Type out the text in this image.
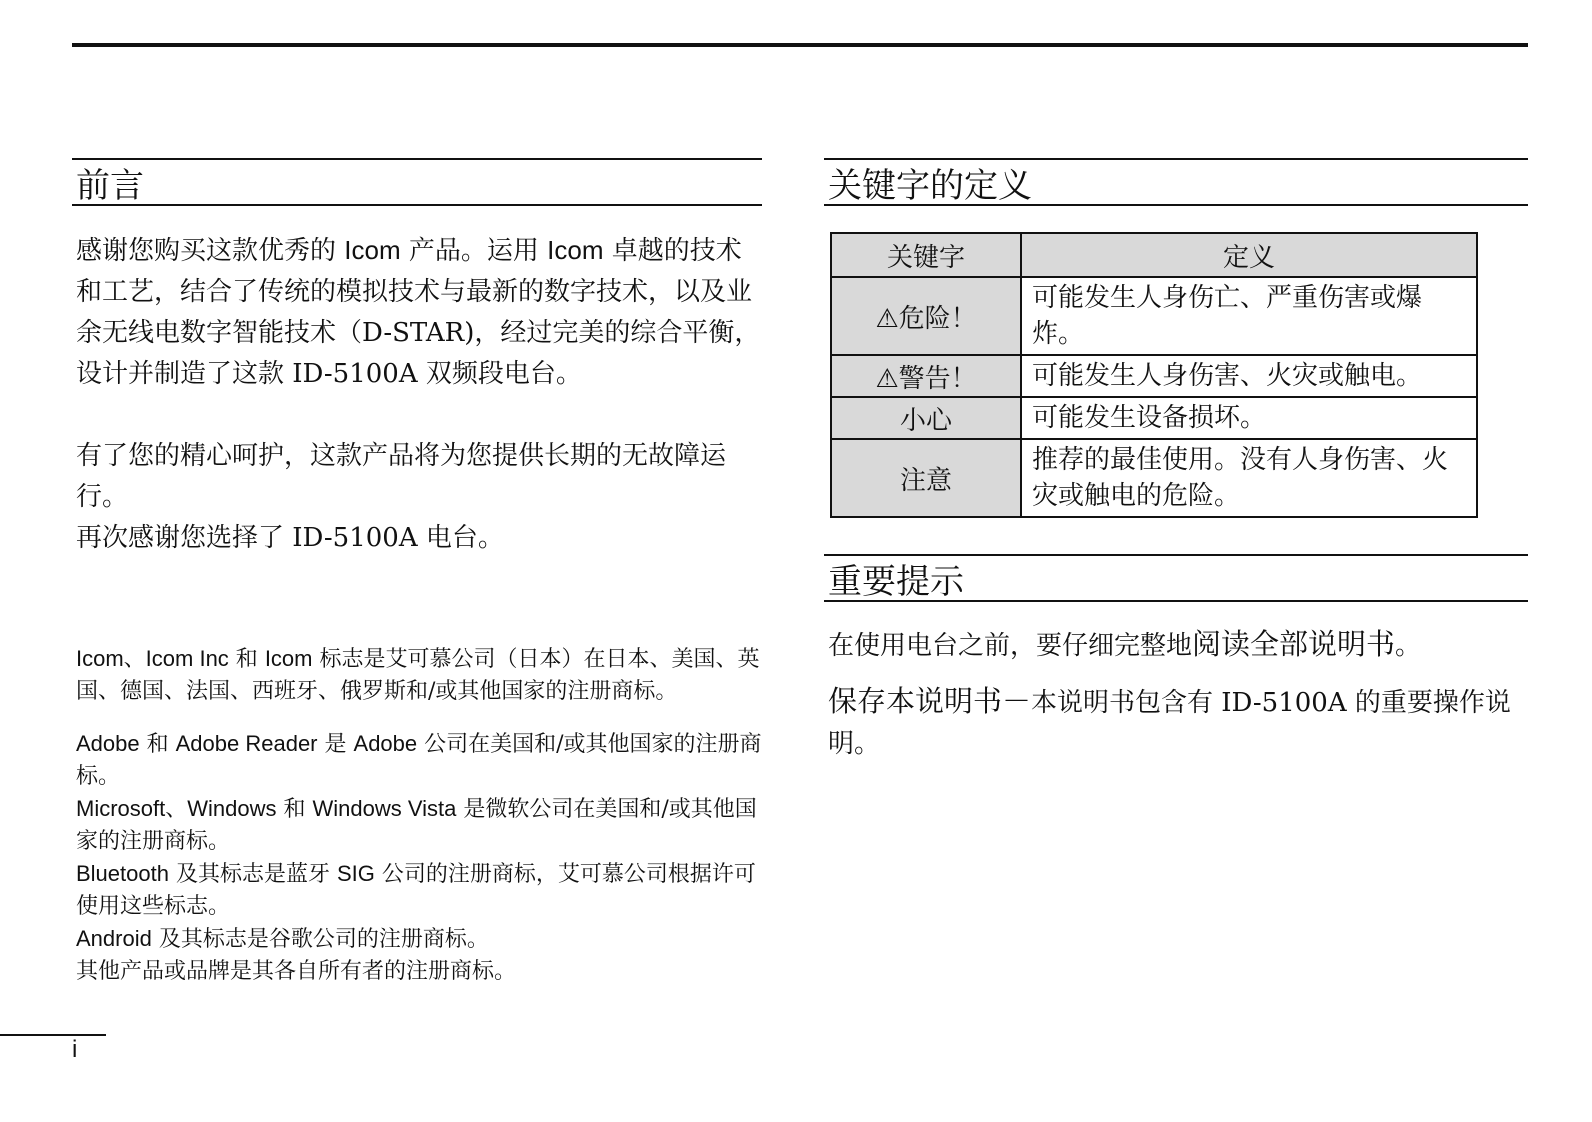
前言

感谢您购买这款优秀的 Icom 产品。运用 Icom 卓越的技术和工艺，结合了传统的模拟技术与最新的数字技术，以及业余无线电数字智能技术（D-STAR)，经过完美的综合平衡，设计并制造了这款 ID-5100A 双频段电台。

有了您的精心呵护，这款产品将为您提供长期的无故障运行。

再次感谢您选择了 ID-5100A 电台。

Icom、Icom Inc 和 Icom 标志是艾可慕公司（日本）在日本、美国、英国、德国、法国、西班牙、俄罗斯和/或其他国家的注册商标。

Adobe 和 Adobe Reader 是 Adobe 公司在美国和/或其他国家的注册商标。

Microsoft、Windows 和 Windows Vista 是微软公司在美国和/或其他国家的注册商标。

Bluetooth 及其标志是蓝牙 SIG 公司的注册商标，艾可慕公司根据许可使用这些标志。

Android 及其标志是谷歌公司的注册商标。

其他产品或品牌是其各自所有者的注册商标。

关键字的定义
关键字	定义
⚠危险！	可能发生人身伤亡、严重伤害或爆炸。
⚠警告！	可能发生人身伤害、火灾或触电。
小心	可能发生设备损坏。
注意	推荐的最佳使用。没有人身伤害、火灾或触电的危险。
重要提示

在使用电台之前，要仔细完整地阅读全部说明书。

保存本说明书－本说明书包含有 ID-5100A 的重要操作说明。

i
